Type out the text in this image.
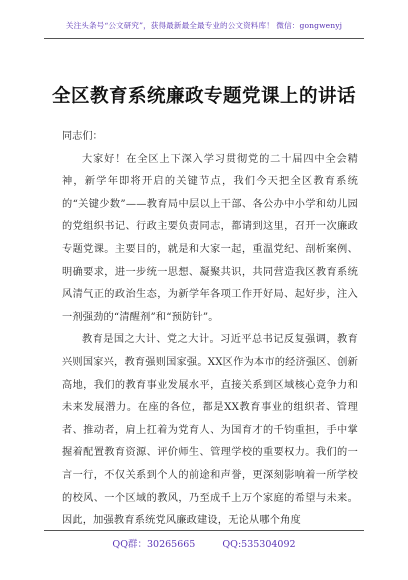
关注头条号“公文研究”，获得最新最全最专业的公文资料库！ 微信：gongwenyj
全区教育系统廉政专题党课上的讲话

同志们：

大家好！在全区上下深入学习贯彻党的二十届四中全会精神，新学年即将开启的关键节点，我们今天把全区教育系统的“关键少数”——教育局中层以上干部、各公办中小学和幼儿园的党组织书记、行政主要负责同志，都请到这里，召开一次廉政专题党课。主要目的，就是和大家一起，重温党纪、剖析案例、明确要求，进一步统一思想、凝聚共识，共同营造我区教育系统风清气正的政治生态，为新学年各项工作开好局、起好步，注入一剂强劲的“清醒剂”和“预防针”。

教育是国之大计、党之大计。习近平总书记反复强调，教育兴则国家兴，教育强则国家强。XX区作为本市的经济强区、创新高地，我们的教育事业发展水平，直接关系到区域核心竞争力和未来发展潜力。在座的各位，都是XX教育事业的组织者、管理者、推动者，肩上扛着为党育人、为国育才的千钧重担，手中掌握着配置教育资源、评价师生、管理学校的重要权力。我们的一言一行，不仅关系到个人的前途和声誉，更深刻影响着一所学校的校风、一个区域的教风，乃至成千上万个家庭的希望与未来。因此，加强教育系统党风廉政建设，无论从哪个角度

QQ群：30265665	QQ:535304092
